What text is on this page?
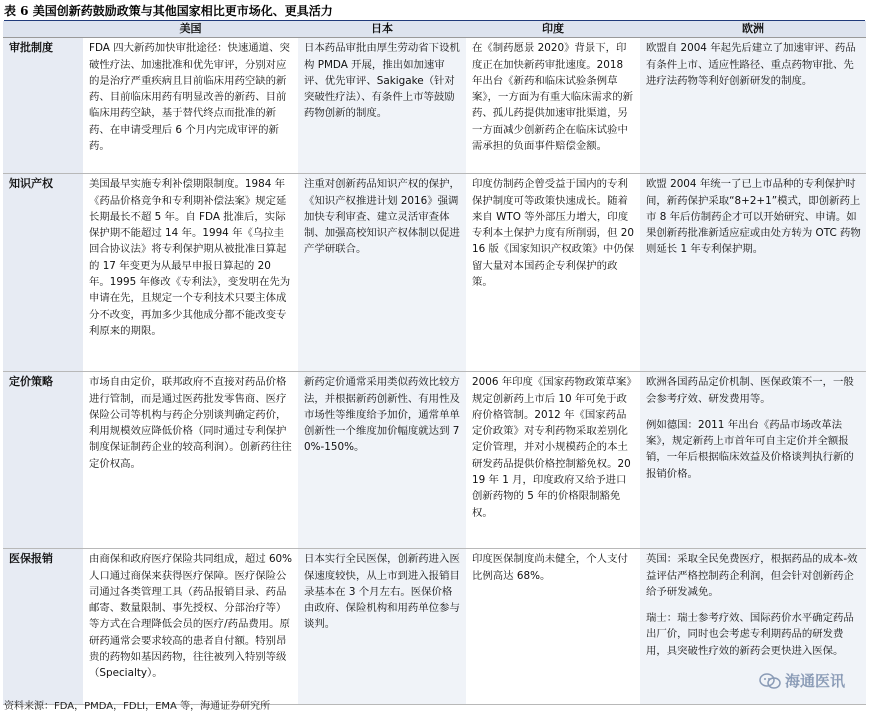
表 6 美国创新药鼓励政策与其他国家相比更市场化、更具活力
	美国	日本	印度	欧洲
审批制度	FDA 四大新药加快审批途径：快速通道、突破性疗法、加速批准和优先审评，分别对应的是治疗严重疾病且目前临床用药空缺的新药、目前临床用药有明显改善的新药、目前临床用药空缺，基于替代终点而批准的新药、在申请受理后 6 个月内完成审评的新药。	日本药品审批由厚生劳动省下设机构 PMDA 开展，推出如加速审评、优先审评、Sakigake（针对突破性疗法）、有条件上市等鼓励药物创新的制度。	在《制药愿景 2020》背景下，印度正在加快新药审批速度。2018 年出台《新药和临床试验条例草案》，一方面为有重大临床需求的新药、孤儿药提供加速审批渠道，另一方面减少创新药企在临床试验中需承担的负面事件赔偿金额。	欧盟自 2004 年起先后建立了加速审评、药品有条件上市、适应性路径、重点药物审批、先进疗法药物等利好创新研发的制度。

知识产权	美国最早实施专利补偿期限制度。1984 年《药品价格竞争和专利期补偿法案》规定延长期最长不超 5 年。自 FDA 批准后，实际保护期不能超过 14 年。1994 年《乌拉圭回合协议法》将专利保护期从被批准日算起的 17 年变更为从最早申报日算起的 20 年。1995 年修改《专利法》，变发明在先为申请在先，且规定一个专利技术只要主体成分不改变，再加多少其他成分都不能改变专利原来的期限。	注重对创新药品知识产权的保护，《知识产权推进计划 2016》强调加快专利审查、建立灵活审查体制、加强高校知识产权体制以促进产学研联合。	印度仿制药企曾受益于国内的专利保护制度可等政策快速成长。随着来自 WTO 等外部压力增大，印度专利本土保护力度有所削弱，但 2016 版《国家知识产权政策》中仍保留大量对本国药企专利保护的政策。	欧盟 2004 年统一了已上市品种的专利保护时间，新药保护采取“8+2+1”模式，即创新药上市 8 年后仿制药企才可以开始研究、申请。如果创新药批准新适应症或由处方转为 OTC 药物则延长 1 年专利保护期。

定价策略	市场自由定价，联邦政府不直接对药品价格进行管制，而是通过医药批发零售商、医疗保险公司等机构与药企分别谈判确定药价，利用规模效应降低价格（同时通过专利保护制度保证制药企业的较高利润）。创新药往往定价权高。	新药定价通常采用类似药效比较方法，并根据新药创新性、有用性及市场性等维度给予加价，通常单单创新性一个维度加价幅度就达到 70%-150%。	2006 年印度《国家药物政策草案》规定创新药上市后 10 年可免于政府价格管制。2012 年《国家药品定价政策》对专利药物采取差别化定价管理，并对小规模药企的本土研发药品提供价格控制豁免权。2019 年 1 月，印度政府又给予进口创新药物的 5 年的价格限制豁免权。	欧洲各国药品定价机制、医保政策不一，一般会参考疗效、研发费用等。
例如德国：2011 年出台《药品市场改革法案》，规定新药上市首年可自主定价并全额报销，一年后根据临床效益及价格谈判执行新的报销价格。

医保报销	由商保和政府医疗保险共同组成，超过 60%人口通过商保来获得医疗保障。医疗保险公司通过各类管理工具（药品报销目录、药品邮寄、数量限制、事先授权、分部治疗等）等方式在合理降低会员的医疗/药品费用。原研药通常会要求较高的患者自付额。特别昂贵的药物如基因药物，往往被列入特别等级（Specialty）。	日本实行全民医保，创新药进入医保速度较快，从上市到进入报销目录基本在 3 个月左右。医保价格由政府、保险机构和用药单位参与谈判。	印度医保制度尚未健全，个人支付比例高达 68%。	英国：采取全民免费医疗，根据药品的成本-效益评估严格控制药企利润，但会针对创新药企给予研发减免。
瑞士：瑞士参考疗效、国际药价水平确定药品出厂价，同时也会考虑专利期药品的研发费用，具突破性疗效的新药会更快进入医保。
海通医讯
资料来源：FDA，PMDA，FDLI，EMA 等，海通证券研究所
